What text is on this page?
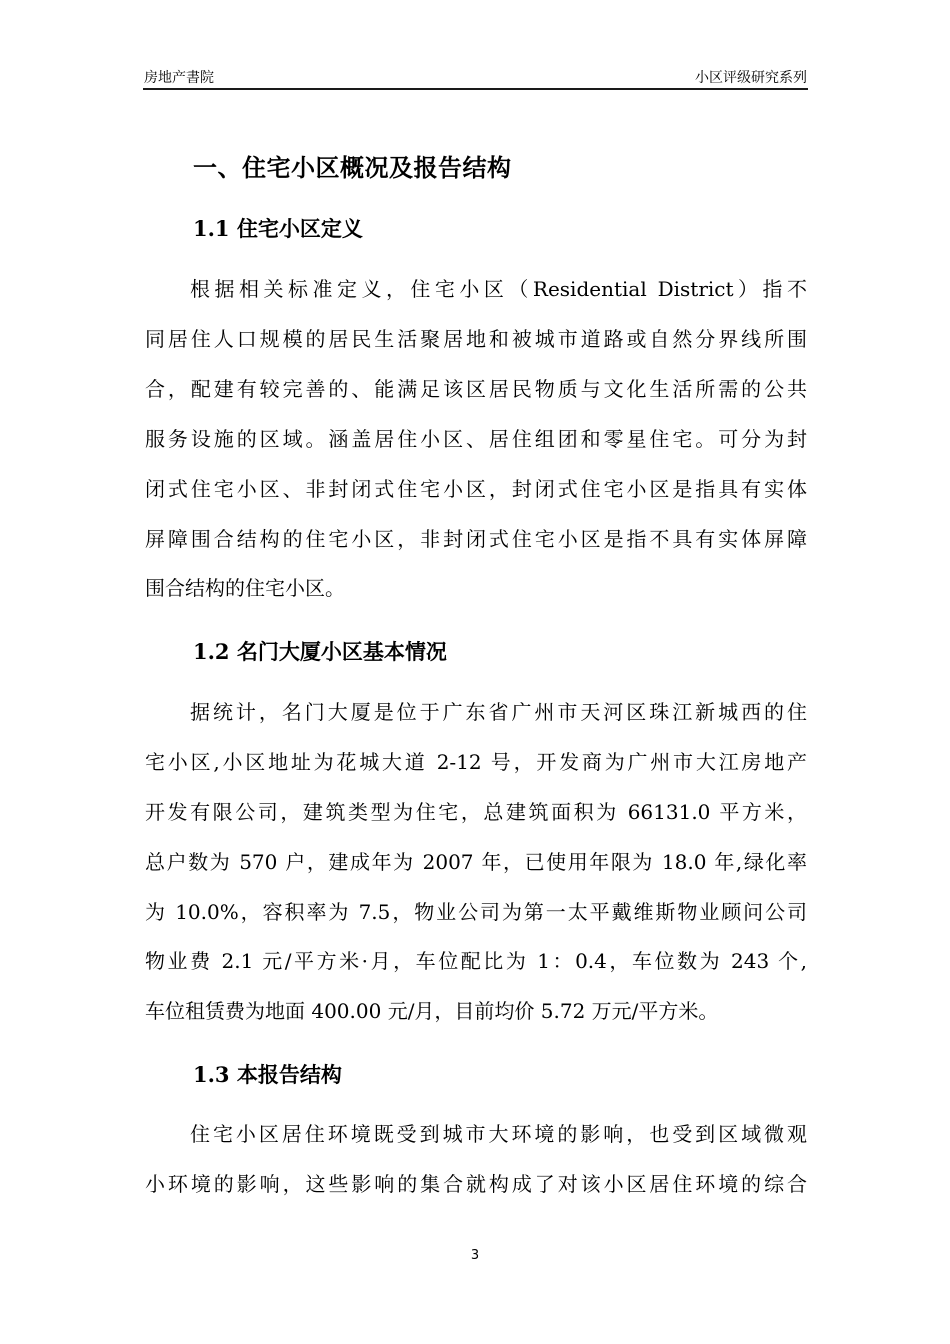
房地产書院	小区评级研究系列
一、住宅小区概况及报告结构
1.1 住宅小区定义
根据相关标准定义，住宅小区（Residential District）指不
同居住人口规模的居民生活聚居地和被城市道路或自然分界线所围
合，配建有较完善的、能满足该区居民物质与文化生活所需的公共
服务设施的区域。涵盖居住小区、居住组团和零星住宅。可分为封
闭式住宅小区、非封闭式住宅小区，封闭式住宅小区是指具有实体
屏障围合结构的住宅小区，非封闭式住宅小区是指不具有实体屏障
围合结构的住宅小区。
1.2 名门大厦小区基本情况
据统计，名门大厦是位于广东省广州市天河区珠江新城西的住
宅小区,小区地址为花城大道 2-12 号，开发商为广州市大江房地产
开发有限公司，建筑类型为住宅，总建筑面积为 66131.0 平方米，
总户数为 570 户，建成年为 2007 年，已使用年限为 18.0 年,绿化率
为 10.0%，容积率为 7.5，物业公司为第一太平戴维斯物业顾问公司
物业费 2.1 元/平方米·月，车位配比为 1：0.4，车位数为 243 个,
车位租赁费为地面 400.00 元/月，目前均价 5.72 万元/平方米。
1.3 本报告结构
住宅小区居住环境既受到城市大环境的影响，也受到区域微观
小环境的影响，这些影响的集合就构成了对该小区居住环境的综合
3
